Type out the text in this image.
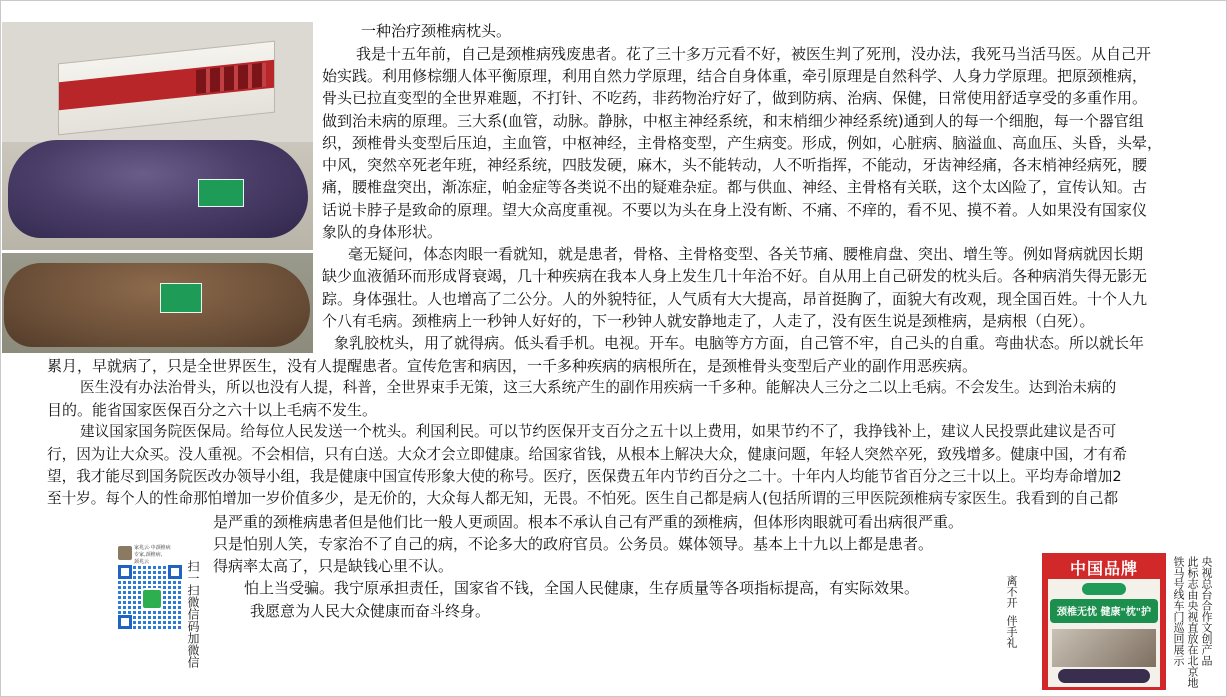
一种治疗颈椎病枕头。
我是十五年前，自己是颈椎病残废患者。花了三十多万元看不好，被医生判了死刑，没办法，我死马当活马医。从自己开
始实践。利用修棕绷人体平衡原理，利用自然力学原理，结合自身体重，牵引原理是自然科学、人身力学原理。把原颈椎病，
骨头已拉直变型的全世界难题，不打针、不吃药，非药物治疗好了，做到防病、治病、保健，日常使用舒适享受的多重作用。
做到治未病的原理。三大系(血管，动脉。静脉，中枢主神经系统，和末梢细少神经系统)通到人的每一个细胞，每一个器官组
织，颈椎骨头变型后压迫，主血管，中枢神经，主骨格变型，产生病变。形成，例如，心脏病、脑溢血、高血压、头昏，头晕，
中风，突然卒死老年班，神经系统，四肢发硬，麻木，头不能转动，人不听指挥，不能动，牙齿神经痛，各末梢神经病死，腰
痛，腰椎盘突出，渐冻症，帕金症等各类说不出的疑难杂症。都与供血、神经、主骨格有关联，这个太凶险了，宣传认知。古
话说卡脖子是致命的原理。望大众高度重视。不要以为头在身上没有断、不痛、不痒的，看不见、摸不着。人如果没有国家仪
象队的身体形状。
毫无疑问，体态肉眼一看就知，就是患者，骨格、主骨格变型、各关节痛、腰椎肩盘、突出、增生等。例如肾病就因长期
缺少血液循环而形成肾衰竭，几十种疾病在我本人身上发生几十年治不好。自从用上自己研发的枕头后。各种病消失得无影无
踪。身体强壮。人也增高了二公分。人的外貌特征，人气质有大大提高，昂首挺胸了，面貌大有改观，现全国百姓。十个人九
个八有毛病。颈椎病上一秒钟人好好的，下一秒钟人就安静地走了，人走了，没有医生说是颈椎病，是病根（白死）。
象乳胶枕头，用了就得病。低头看手机。电视。开车。电脑等方方面，自己管不牢，自己头的自重。弯曲状态。所以就长年
累月，早就病了，只是全世界医生，没有人提醒患者。宣传危害和病因，一千多种疾病的病根所在，是颈椎骨头变型后产业的副作用恶疾病。
医生没有办法治骨头，所以也没有人提，科普，全世界束手无策，这三大系统产生的副作用疾病一千多种。能解决人三分之二以上毛病。不会发生。达到治未病的
目的。能省国家医保百分之六十以上毛病不发生。
建议国家国务院医保局。给每位人民发送一个枕头。利国利民。可以节约医保开支百分之五十以上费用，如果节约不了，我挣钱补上，建议人民投票此建议是否可
行，因为让大众买。没人重视。不会相信，只有白送。大众才会立即健康。给国家省钱，从根本上解决大众，健康问题，年轻人突然卒死，致残增多。健康中国，才有希
望，我才能尽到国务院医改办领导小组，我是健康中国宣传形象大使的称号。医疗，医保费五年内节约百分之二十。十年内人均能节省百分之三十以上。平均寿命增加2
至十岁。每个人的性命那怕增加一岁价值多少，是无价的，大众每人都无知，无畏。不怕死。医生自己都是病人(包括所谓的三甲医院颈椎病专家医生。我看到的自己都
是严重的颈椎病患者但是他们比一般人更顽固。根本不承认自己有严重的颈椎病，但体形肉眼就可看出病很严重。
只是怕别人笑，专家治不了自己的病，不论多大的政府官员。公务员。媒体领导。基本上十九以上都是患者。
得病率太高了，只是缺钱心里不认。
怕上当受骗。我宁原承担责任，国家省不钱，全国人民健康，生存质量等各项指标提高，有实际效果。
我愿意为人民大众健康而奋斗终身。
家兆云·中颈椎病
专家,颈椎病,
颈兆云	扫一扫微信码加微信	离不开
伴手礼
中国品牌
颈椎无忧 健康"枕"护	铁马号线车门巡回展示 此标志由央视直放在北京地 央视总台合作文创产品
